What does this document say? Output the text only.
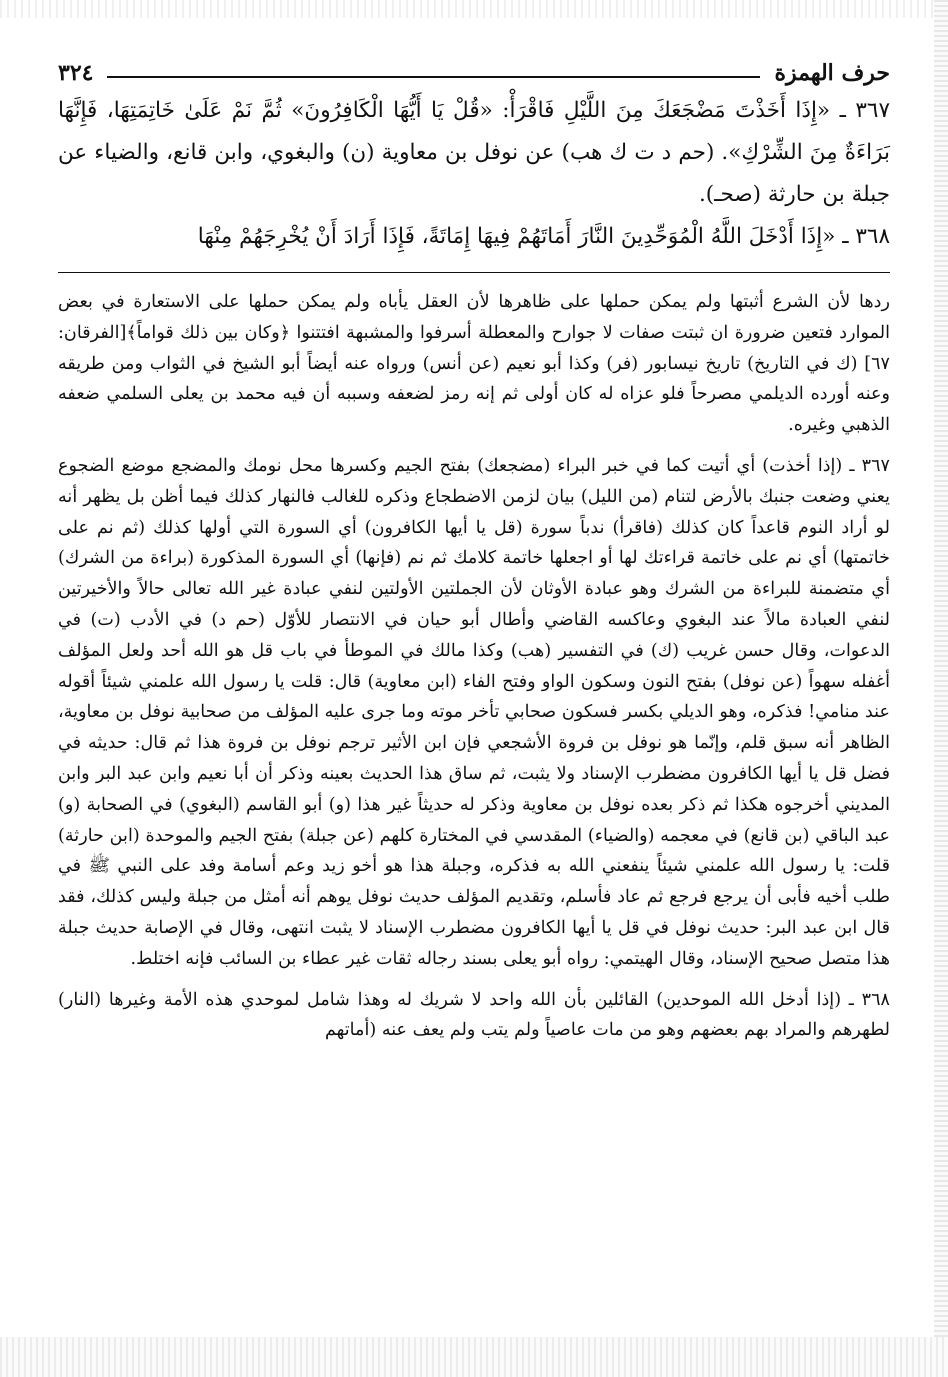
حرف الهمزة
٣٢٤

٣٦٧ ـ «إِذَا أَخَذْتَ مَضْجَعَكَ مِنَ اللَّيْلِ فَاقْرَأْ: «قُلْ يَا أَيُّهَا الْكَافِرُونَ» ثُمَّ نَمْ عَلَىٰ خَاتِمَتِهَا، فَإِنَّهَا بَرَاءَةٌ مِنَ الشِّرْكِ». (حم د ت ك هب) عن نوفل بن معاوية (ن) والبغوي، وابن قانع، والضياء عن جبلة بن حارثة (صحـ).

٣٦٨ ـ «إِذَا أَدْخَلَ اللَّهُ الْمُوَحِّدِينَ النَّارَ أَمَاتَهُمْ فِيهَا إِمَاتَةً، فَإِذَا أَرَادَ أَنْ يُخْرِجَهُمْ مِنْهَا

ردها لأن الشرع أثبتها ولم يمكن حملها على ظاهرها لأن العقل يأباه ولم يمكن حملها على الاستعارة في بعض الموارد فتعين ضرورة ان ثبتت صفات لا جوارح والمعطلة أسرفوا والمشبهة افتتنوا ﴿وكان بين ذلك قواماً﴾[الفرقان: ٦٧] (ك في التاريخ) تاريخ نيسابور (فر) وكذا أبو نعيم (عن أنس) ورواه عنه أيضاً أبو الشيخ في الثواب ومن طريقه وعنه أورده الديلمي مصرحاً فلو عزاه له كان أولى ثم إنه رمز لضعفه وسببه أن فيه محمد بن يعلى السلمي ضعفه الذهبي وغيره.

٣٦٧ ـ (إذا أخذت) أي أتيت كما في خبر البراء (مضجعك) بفتح الجيم وكسرها محل نومك والمضجع موضع الضجوع يعني وضعت جنبك بالأرض لتنام (من الليل) بيان لزمن الاضطجاع وذكره للغالب فالنهار كذلك فيما أظن بل يظهر أنه لو أراد النوم قاعداً كان كذلك (فاقرأ) ندباً سورة (قل يا أيها الكافرون) أي السورة التي أولها كذلك (ثم نم على خاتمتها) أي نم على خاتمة قراءتك لها أو اجعلها خاتمة كلامك ثم نم (فإنها) أي السورة المذكورة (براءة من الشرك) أي متضمنة للبراءة من الشرك وهو عبادة الأوثان لأن الجملتين الأولتين لنفي عبادة غير الله تعالى حالاً والأخيرتين لنفي العبادة مالاً عند البغوي وعاكسه القاضي وأطال أبو حيان في الانتصار للأوّل (حم د) في الأدب (ت) في الدعوات، وقال حسن غريب (ك) في التفسير (هب) وكذا مالك في الموطأ في باب قل هو الله أحد ولعل المؤلف أغفله سهواً (عن نوفل) بفتح النون وسكون الواو وفتح الفاء (ابن معاوية) قال: قلت يا رسول الله علمني شيئاً أقوله عند منامي! فذكره، وهو الديلي بكسر فسكون صحابي تأخر موته وما جرى عليه المؤلف من صحابية نوفل بن معاوية، الظاهر أنه سبق قلم، وإنّما هو نوفل بن فروة الأشجعي فإن ابن الأثير ترجم نوفل بن فروة هذا ثم قال: حديثه في فضل قل يا أيها الكافرون مضطرب الإسناد ولا يثبت، ثم ساق هذا الحديث بعينه وذكر أن أبا نعيم وابن عبد البر وابن المديني أخرجوه هكذا ثم ذكر بعده نوفل بن معاوية وذكر له حديثاً غير هذا (و) أبو القاسم (البغوي) في الصحابة (و) عبد الباقي (بن قانع) في معجمه (والضياء) المقدسي في المختارة كلهم (عن جبلة) بفتح الجيم والموحدة (ابن حارثة) قلت: يا رسول الله علمني شيئاً ينفعني الله به فذكره، وجبلة هذا هو أخو زيد وعم أسامة وفد على النبي ﷺ في طلب أخيه فأبى أن يرجع فرجع ثم عاد فأسلم، وتقديم المؤلف حديث نوفل يوهم أنه أمثل من جبلة وليس كذلك، فقد قال ابن عبد البر: حديث نوفل في قل يا أيها الكافرون مضطرب الإسناد لا يثبت انتهى، وقال في الإصابة حديث جبلة هذا متصل صحيح الإسناد، وقال الهيتمي: رواه أبو يعلى بسند رجاله ثقات غير عطاء بن السائب فإنه اختلط.

٣٦٨ ـ (إذا أدخل الله الموحدين) القائلين بأن الله واحد لا شريك له وهذا شامل لموحدي هذه الأمة وغيرها (النار) لطهرهم والمراد بهم بعضهم وهو من مات عاصياً ولم يتب ولم يعف عنه (أماتهم
